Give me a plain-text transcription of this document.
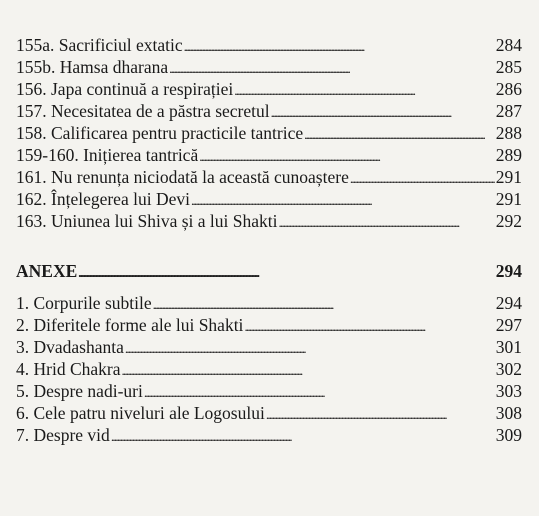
155a. Sacrificiul extatic . . .	284
155b. Hamsa dharana . . .	285
156. Japa continuă a respirației . . .	286
157. Necesitatea de a păstra secretul . . .	287
158. Calificarea pentru practicile tantrice . . .	288
159-160. Inițierea tantrică . . .	289
161. Nu renunța niciodată la această cunoaștere . . .	291
162. Înțelegerea lui Devi . . .	291
163. Uniunea lui Shiva și a lui Shakti . . .	292
ANEXE . . .	294
1. Corpurile subtile . . .	294
2. Diferitele forme ale lui Shakti . . .	297
3. Dvadashanta . . .	301
4. Hrid Chakra . . .	302
5. Despre nadi-uri . . .	303
6. Cele patru niveluri ale Logosului . . .	308
7. Despre vid . . .	309
